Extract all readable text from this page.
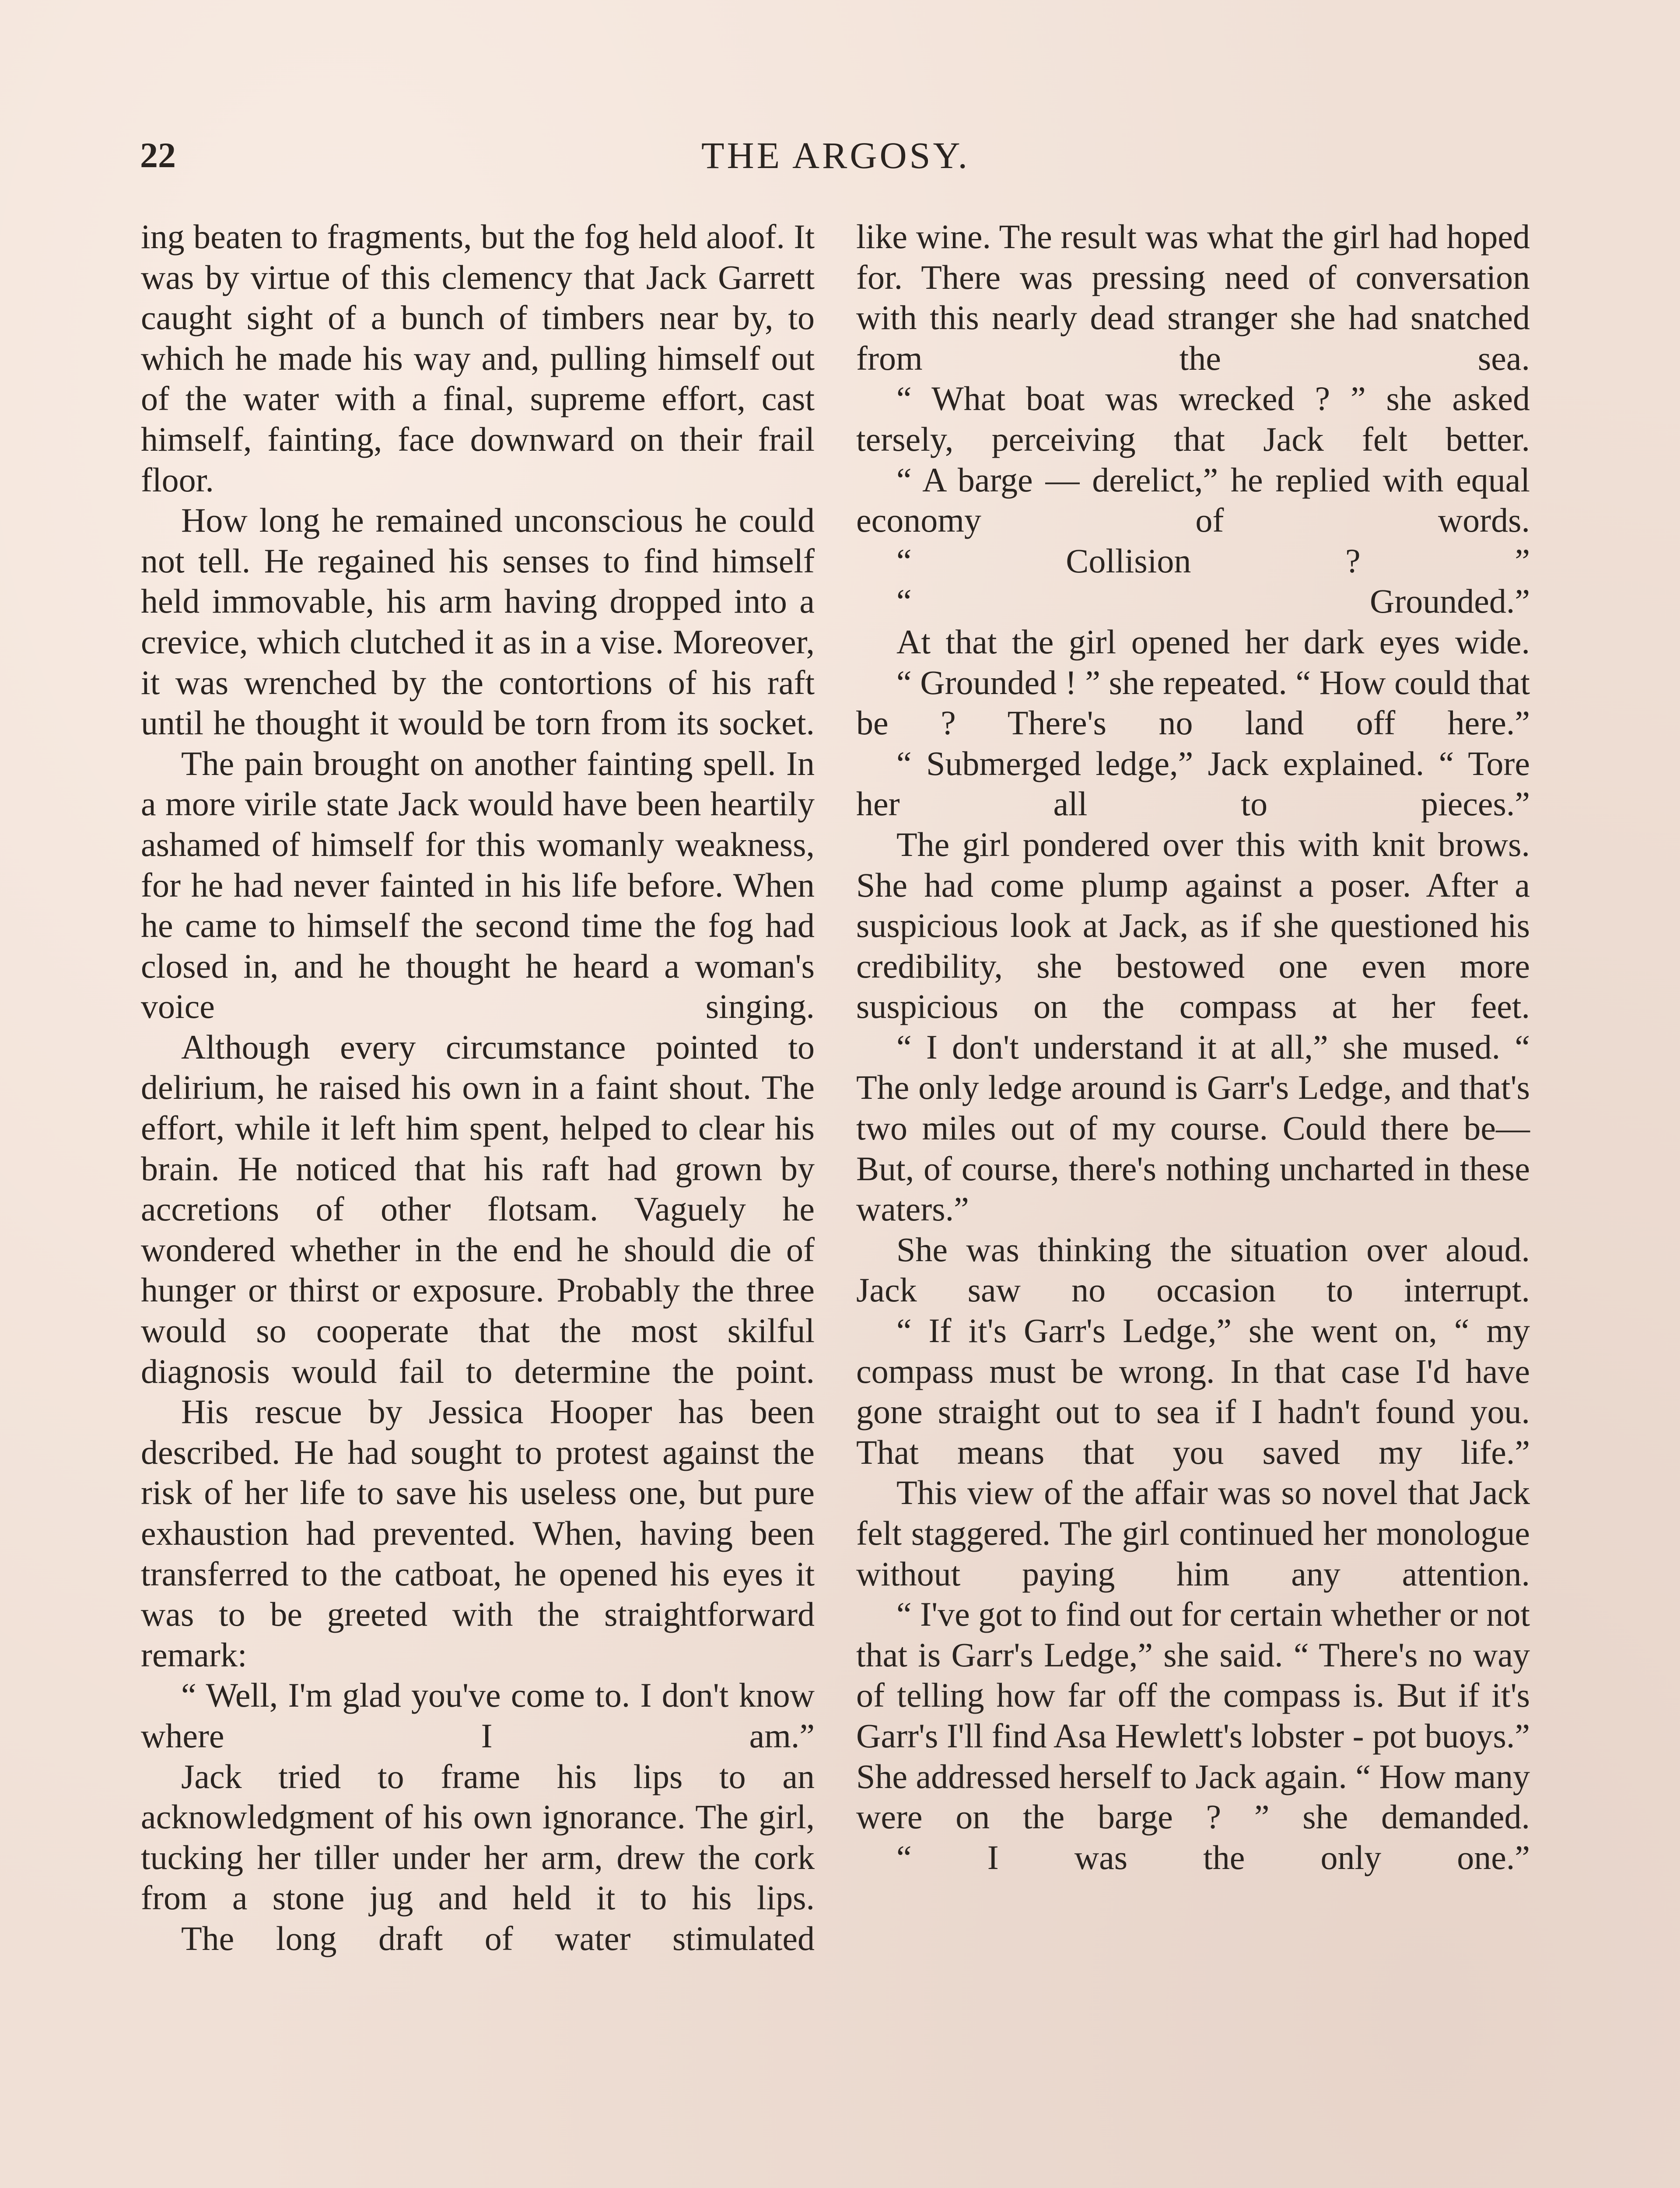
22	THE ARGOSY.

ing beaten to fragments, but the fog held aloof. It was by virtue of this clemency that Jack Garrett caught sight of a bunch of timbers near by, to which he made his way and, pulling himself out of the water with a final, supreme effort, cast himself, fainting, face downward on their frail floor.

How long he remained unconscious he could not tell. He regained his senses to find himself held immovable, his arm having dropped into a crevice, which clutched it as in a vise. Moreover, it was wrenched by the contortions of his raft until he thought it would be torn from its socket.

The pain brought on another fainting spell. In a more virile state Jack would have been heartily ashamed of himself for this womanly weakness, for he had never fainted in his life before. When he came to himself the second time the fog had closed in, and he thought he heard a woman's voice singing.

Although every circumstance pointed to delirium, he raised his own in a faint shout. The effort, while it left him spent, helped to clear his brain. He noticed that his raft had grown by accretions of other flotsam. Vaguely he wondered whether in the end he should die of hunger or thirst or exposure. Probably the three would so cooperate that the most skilful diagnosis would fail to determine the point.

His rescue by Jessica Hooper has been described. He had sought to protest against the risk of her life to save his useless one, but pure exhaustion had prevented. When, having been transferred to the catboat, he opened his eyes it was to be greeted with the straightforward remark:

“ Well, I'm glad you've come to. I don't know where I am.”

Jack tried to frame his lips to an acknowledgment of his own ignorance. The girl, tucking her tiller under her arm, drew the cork from a stone jug and held it to his lips.

The long draft of water stimulated

like wine. The result was what the girl had hoped for. There was pressing need of conversation with this nearly dead stranger she had snatched from the sea.

“ What boat was wrecked ? ” she asked tersely, perceiving that Jack felt better.

“ A barge — derelict,” he replied with equal economy of words.

“ Collision ? ”

“ Grounded.”

At that the girl opened her dark eyes wide.

“ Grounded ! ” she repeated. “ How could that be ? There's no land off here.”

“ Submerged ledge,” Jack explained. “ Tore her all to pieces.”

The girl pondered over this with knit brows. She had come plump against a poser. After a suspicious look at Jack, as if she questioned his credibility, she bestowed one even more suspicious on the compass at her feet.

“ I don't understand it at all,” she mused. “ The only ledge around is Garr's Ledge, and that's two miles out of my course. Could there be— But, of course, there's nothing uncharted in these waters.”

She was thinking the situation over aloud. Jack saw no occasion to interrupt.

“ If it's Garr's Ledge,” she went on, “ my compass must be wrong. In that case I'd have gone straight out to sea if I hadn't found you. That means that you saved my life.”

This view of the affair was so novel that Jack felt staggered. The girl continued her monologue without paying him any attention.

“ I've got to find out for certain whether or not that is Garr's Ledge,” she said. “ There's no way of telling how far off the compass is. But if it's Garr's I'll find Asa Hewlett's lobster - pot buoys.” She addressed herself to Jack again. “ How many were on the barge ? ” she demanded.

“ I was the only one.”
